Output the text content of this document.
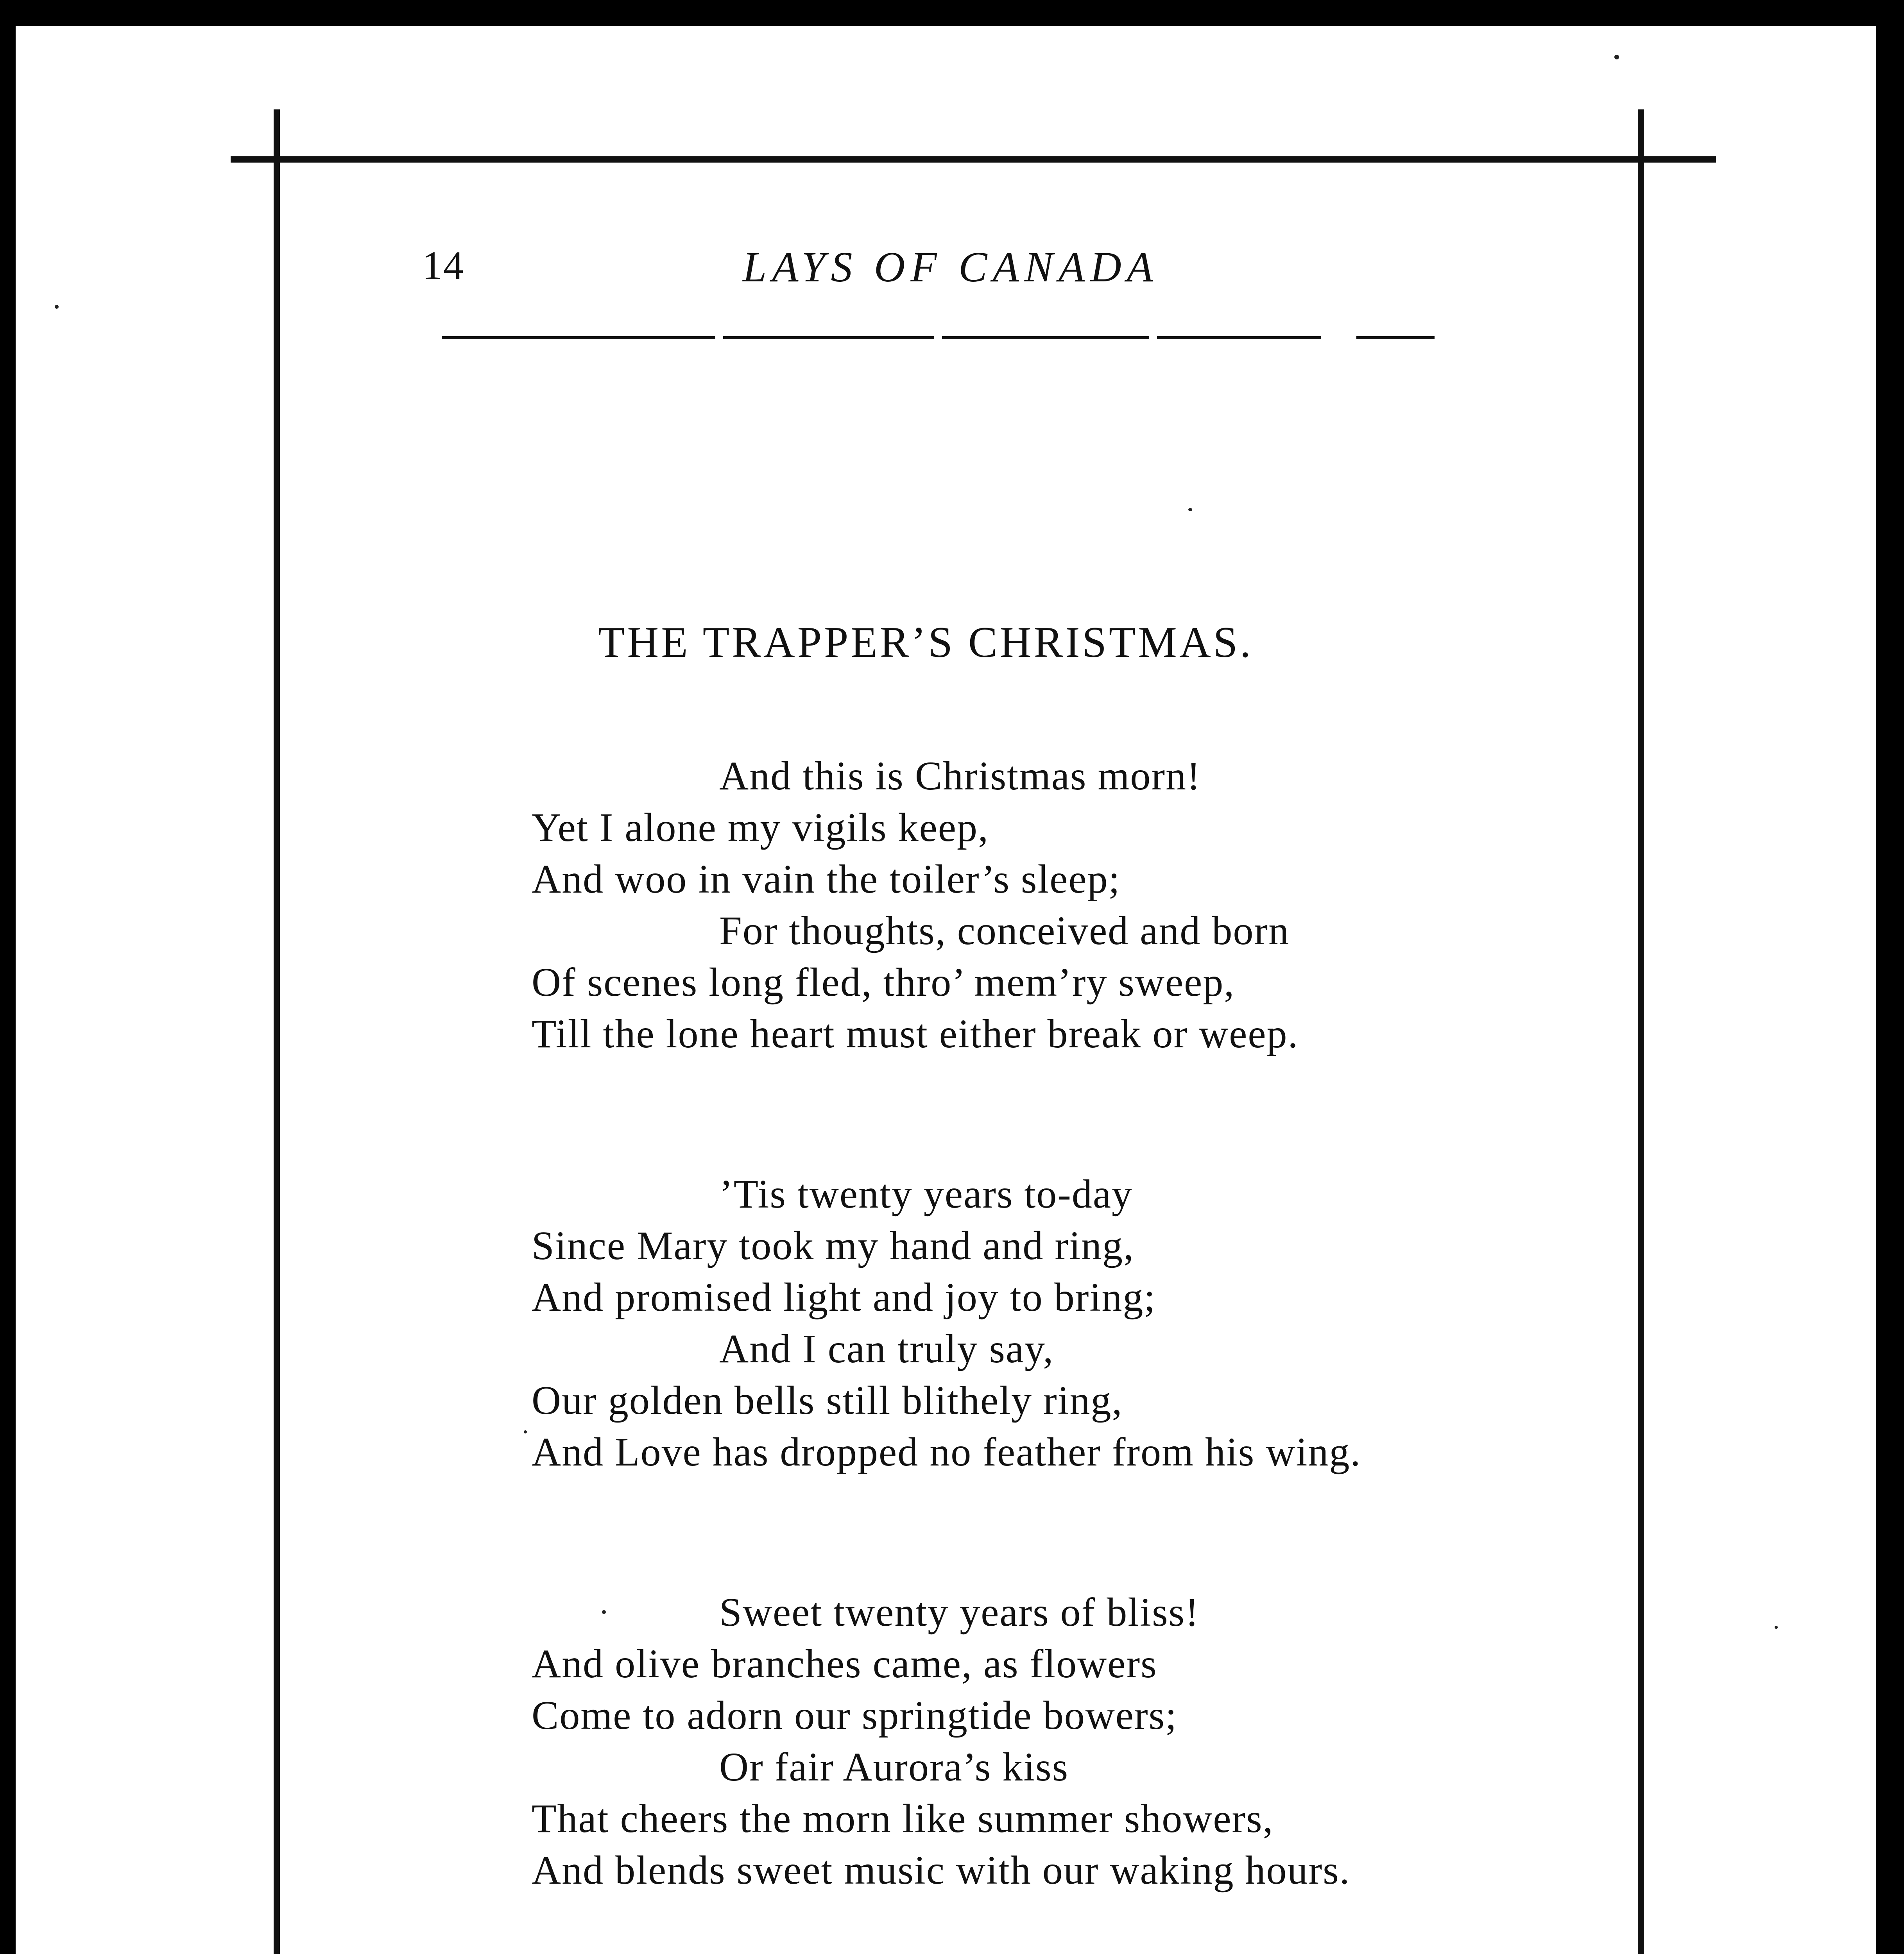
14	LAYS OF CANADA
THE TRAPPER’S CHRISTMAS.
And this is Christmas morn!
Yet I alone my vigils keep,
And woo in vain the toiler’s sleep;
For thoughts, conceived and born
Of scenes long fled, thro’ mem’ry sweep,
Till the lone heart must either break or weep.
’Tis twenty years to-day
Since Mary took my hand and ring,
And promised light and joy to bring;
And I can truly say,
Our golden bells still blithely ring,
And Love has dropped no feather from his wing.
Sweet twenty years of bliss!
And olive branches came, as flowers
Come to adorn our springtide bowers;
Or fair Aurora’s kiss
That cheers the morn like summer showers,
And blends sweet music with our waking hours.
